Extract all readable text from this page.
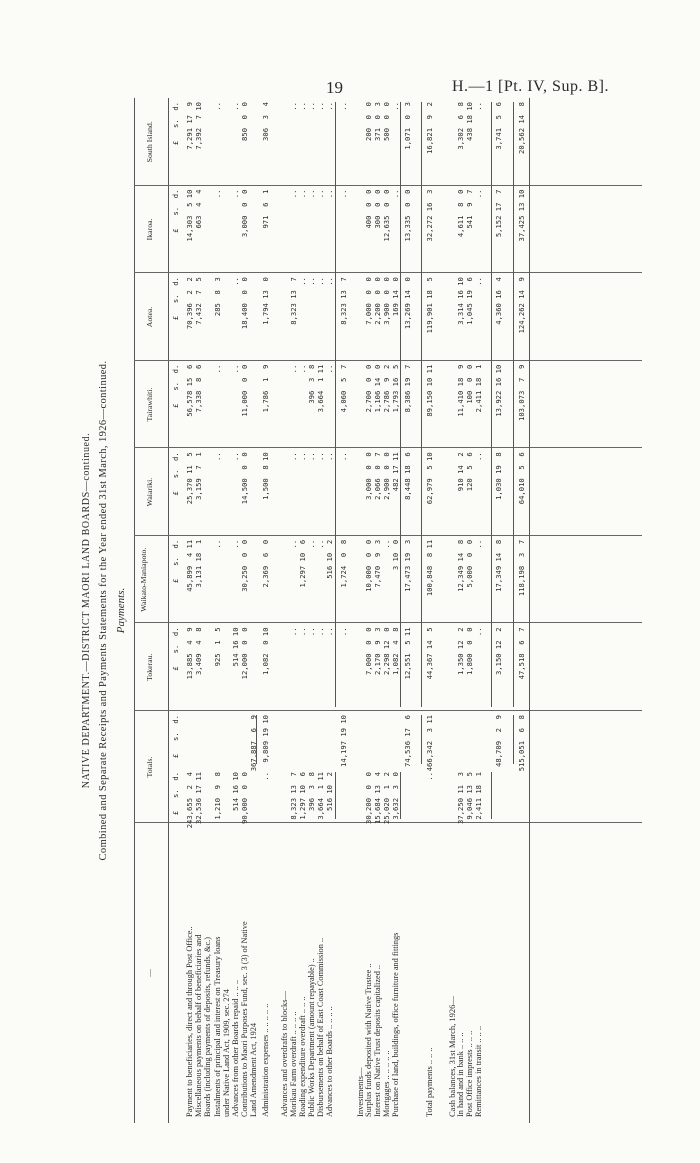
19	H.—1 [Pt. IV, Sup. B].
NATIVE DEPARTMENT.—DISTRICT MAORI LAND BOARDS—continued. Combined and Separate Receipts and Payments Statements for the Year ended 31st March, 1926—continued. Payments.
—
Totals.
Tokerau.
Waikato-Maniapoto.
Waiariki.
Tairawhiti.
Aotea.
Ikaroa.
South Island.
£   s.  d.
£   s.  d.
£   s.  d.
£   s.  d.
£   s.  d.
£   s.  d.
£   s.  d.
£   s.  d.
£   s.  d.
Payment to beneficiaries, direct and through Post Office..
243,655  2  4
13,885  4  9
45,899  4 11
25,370 11  5
56,578 15  6
70,396  2  2
14,303  5 10
7,291 17  9
Miscellaneous payments on behalf of beneficiaries and
32,536 17 11
3,409  4  8
3,131 18  1
3,159  7  1
7,338  8  6
7,432  7  5
663  4  4
7,392  7 10
Boards (including payments of deposits, refunds, &c.) Instalments of principal and interest on Treasury loans
1,210  9  8
925  1  5
..
..
..
285  8  3
..
..
under Native Land Act, 1909, sec. 274 Advances from other Boards repaid .. .. ..
514 16 10
514 16 10
..
..
..
..
..
..
Contributions to Maori Purposes Fund, sec. 3 (3) of Native
90,000  0  0
12,000  0  0
30,250  0  0
14,500  0  0
11,000  0  0
18,400  0  0
3,000  0  0
850  0  0
Land Amendment Act, 1924
367,887  6  9
Administration expenses .. .. .. .. ..
..
9,809 19 10
1,082  0 10
2,369  6  0
1,500  8 10
1,786  1  9
1,794 13  0
971  6  1
306  3  4
Advances and overdrafts to blocks— Morikau Farm overdraft .. .. .. ..
8,323 13  7
..
..
..
..
8,323 13  7
..
..
Roading expenditure overdraft .. .. ..
1,297 10  6
..
1,297 10  6
..
..
..
..
..
Public Works Department (amount repayable) ..
396  3  8
..
..
..
396  3  8
..
..
..
Disbursements on behalf of East Coast Commission ..
3,664  1 11
..
..
..
3,664  1 11
..
..
..
Advances to other Boards .. .. .. ..
516 10  2
..
516 10  2
..
..
..
..
..
14,197 19 10
..
1,724  0  8
..
4,060  5  7
8,323 13  7
..
..
Investments— Surplus funds deposited with Native Trustee ..
30,200  0  0
7,000  0  0
10,000  0  0
3,000  0  0
2,700  0  0
7,000  0  0
400  0  0
200  0  0
Interest on Native Trust deposits capitalized ..
15,684 13  4
2,170  9  3
7,470  9  3
2,066  0  7
1,106 14  0
2,200  0  0
300  0  0
371  0  3
Mortgages .. .. .. .. ..
25,020  1  2
2,298 12  0
..
2,900  0  0
2,786  9  2
3,900  0  0
12,635  0  0
500  0  0
Purchase of land, buildings, office furniture and fittings
3,632  3  0
1,082  4  8
3 10  0
482 17 11
1,793 16  5
169 14  0
..
..
74,536 17  6
12,551  5 11
17,473 19  3
8,448 18  6
8,386 19  7
13,269 14  0
13,335  0  0
1,071  0  3
Total payments .. .. ..
..
466,342  3 11
44,367 14  5
100,848  8 11
62,979  5 10
89,150 10 11
119,901 18  5
32,272 16  3
16,821  9  2
Cash balances, 31st March, 1926— In hand and in bank .. .. ..
37,250 11  3
1,350 12  2
12,349 14  8
910 14  2
11,410 18  9
3,314 16 10
4,611  8  0
3,302  6  8
Post Office imprests .. .. ..
9,046 13  5
1,800  0  0
5,000  0  0
120  5  6
100  0  0
1,045 19  6
541  9  7
438 18 10
Remittances in transit .. .. ..
2,411 18  1
..
..
..
2,411 18  1
..
..
..
48,709  2  9
3,150 12  2
17,349 14  8
1,030 19  8
13,922 16 10
4,360 16  4
5,152 17  7
3,741  5  6
515,051  6  8
47,518  6  7
118,198  3  7
64,010  5  6
103,073  7  9
124,262 14  9
37,425 13 10
20,562 14  8
